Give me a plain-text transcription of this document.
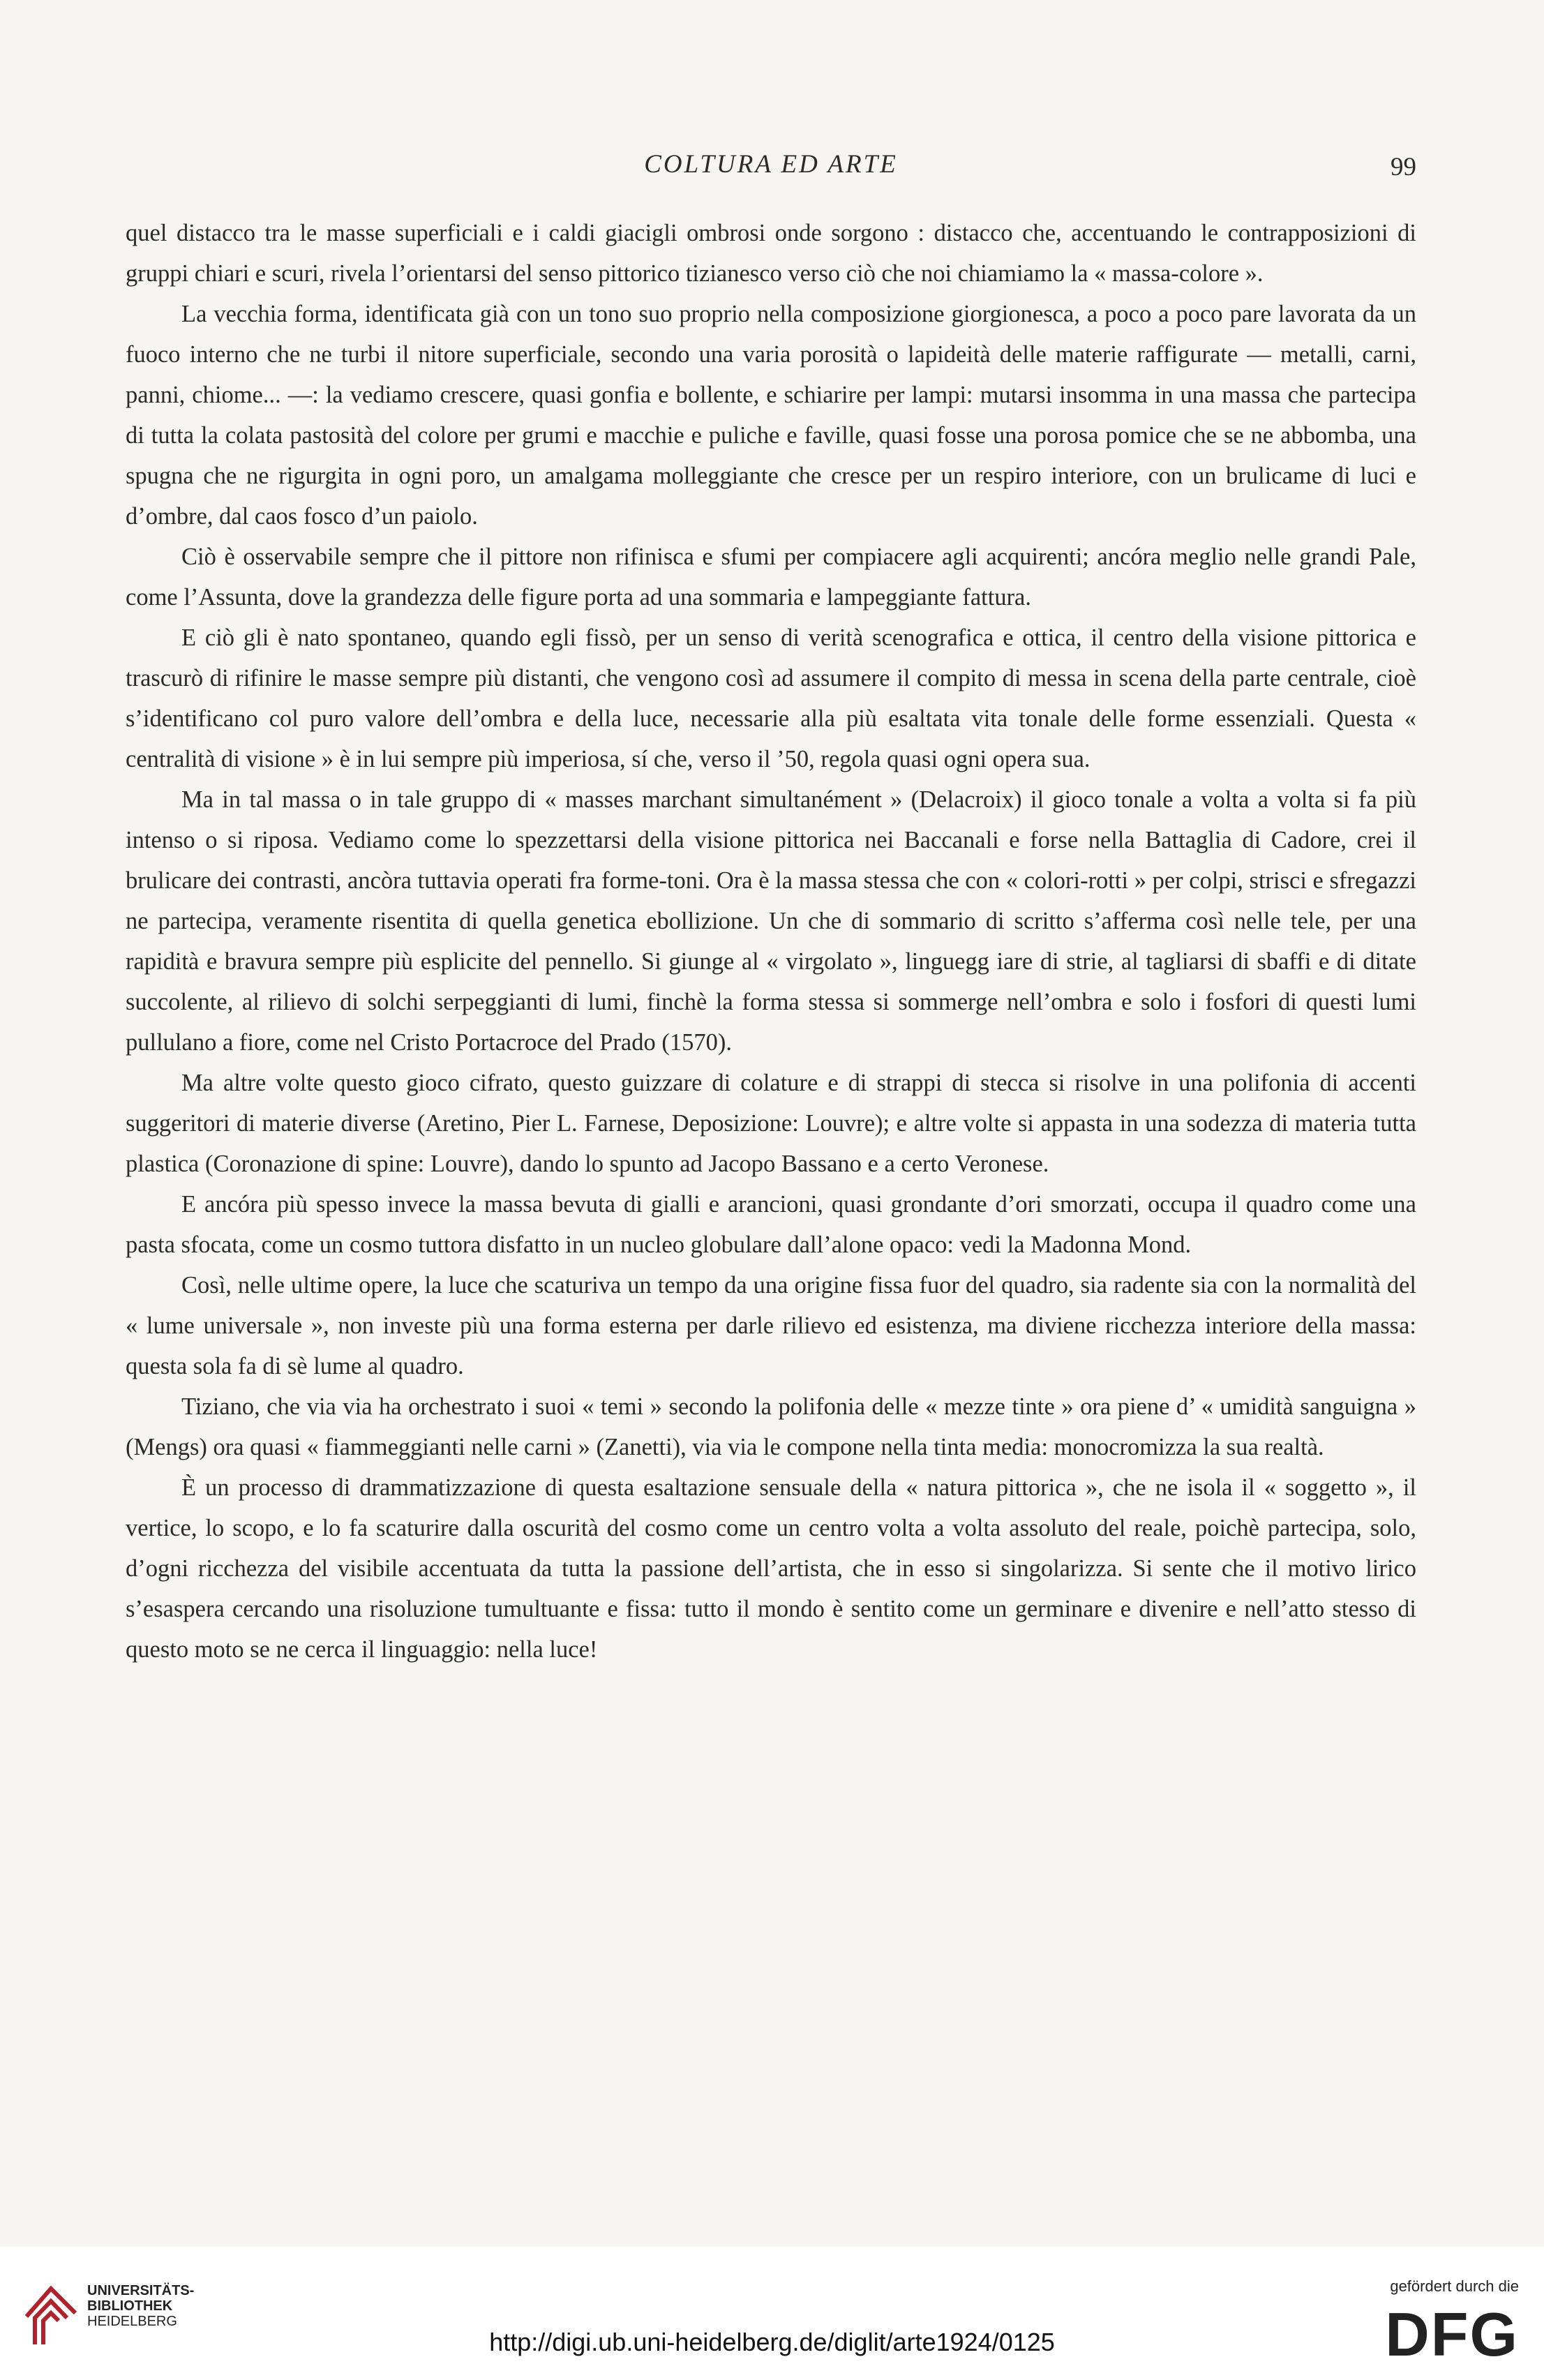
COLTURA ED ARTE	99

quel distacco tra le masse superficiali e i caldi giacigli ombrosi onde sorgono : distacco che, accentuando le contrapposizioni di gruppi chiari e scuri, rivela l’orientarsi del senso pittorico tizianesco verso ciò che noi chiamiamo la « massa-colore ».

La vecchia forma, identificata già con un tono suo proprio nella composizione giorgionesca, a poco a poco pare lavorata da un fuoco interno che ne turbi il nitore superficiale, secondo una varia porosità o lapideità delle materie raffigurate — metalli, carni, panni, chiome... —: la vediamo crescere, quasi gonfia e bollente, e schiarire per lampi: mutarsi insomma in una massa che partecipa di tutta la colata pastosità del colore per grumi e macchie e puliche e faville, quasi fosse una porosa pomice che se ne abbomba, una spugna che ne rigurgita in ogni poro, un amalgama molleggiante che cresce per un respiro interiore, con un brulicame di luci e d’ombre, dal caos fosco d’un paiolo.

Ciò è osservabile sempre che il pittore non rifinisca e sfumi per compiacere agli acquirenti; ancóra meglio nelle grandi Pale, come l’Assunta, dove la grandezza delle figure porta ad una sommaria e lampeggiante fattura.

E ciò gli è nato spontaneo, quando egli fissò, per un senso di verità scenografica e ottica, il centro della visione pittorica e trascurò di rifinire le masse sempre più distanti, che vengono così ad assumere il compito di messa in scena della parte centrale, cioè s’identificano col puro valore dell’ombra e della luce, necessarie alla più esaltata vita tonale delle forme essenziali. Questa « centralità di visione » è in lui sempre più imperiosa, sí che, verso il ’50, regola quasi ogni opera sua.

Ma in tal massa o in tale gruppo di « masses marchant simultanément » (Delacroix) il gioco tonale a volta a volta si fa più intenso o si riposa. Vediamo come lo spezzettarsi della visione pittorica nei Baccanali e forse nella Battaglia di Cadore, crei il brulicare dei contrasti, ancòra tuttavia operati fra forme-toni. Ora è la massa stessa che con « colori-rotti » per colpi, strisci e sfregazzi ne partecipa, veramente risentita di quella genetica ebollizione. Un che di sommario di scritto s’afferma così nelle tele, per una rapidità e bravura sempre più esplicite del pennello. Si giunge al « virgolato », linguegg iare di strie, al tagliarsi di sbaffi e di ditate succolente, al rilievo di solchi serpeggianti di lumi, finchè la forma stessa si sommerge nell’ombra e solo i fosfori di questi lumi pullulano a fiore, come nel Cristo Portacroce del Prado (1570).

Ma altre volte questo gioco cifrato, questo guizzare di colature e di strappi di stecca si risolve in una polifonia di accenti suggeritori di materie diverse (Aretino, Pier L. Farnese, Deposizione: Louvre); e altre volte si appasta in una sodezza di materia tutta plastica (Coronazione di spine: Louvre), dando lo spunto ad Jacopo Bassano e a certo Veronese.

E ancóra più spesso invece la massa bevuta di gialli e arancioni, quasi grondante d’ori smorzati, occupa il quadro come una pasta sfocata, come un cosmo tuttora disfatto in un nucleo globulare dall’alone opaco: vedi la Madonna Mond.

Così, nelle ultime opere, la luce che scaturiva un tempo da una origine fissa fuor del quadro, sia radente sia con la normalità del « lume universale », non investe più una forma esterna per darle rilievo ed esistenza, ma diviene ricchezza interiore della massa: questa sola fa di sè lume al quadro.

Tiziano, che via via ha orchestrato i suoi « temi » secondo la polifonia delle « mezze tinte » ora piene d’ « umidità sanguigna » (Mengs) ora quasi « fiammeggianti nelle carni » (Zanetti), via via le compone nella tinta media: monocromizza la sua realtà.

È un processo di drammatizzazione di questa esaltazione sensuale della « natura pittorica », che ne isola il « soggetto », il vertice, lo scopo, e lo fa scaturire dalla oscurità del cosmo come un centro volta a volta assoluto del reale, poichè partecipa, solo, d’ogni ricchezza del visibile accentuata da tutta la passione dell’artista, che in esso si singolarizza. Si sente che il motivo lirico s’esaspera cercando una risoluzione tumultuante e fissa: tutto il mondo è sentito come un germinare e divenire e nell’atto stesso di questo moto se ne cerca il linguaggio: nella luce!

UNIVERSITÄTS-
BIBLIOTHEK
HEIDELBERG
http://digi.ub.uni-heidelberg.de/diglit/arte1924/0125
gefördert durch die
DFG
